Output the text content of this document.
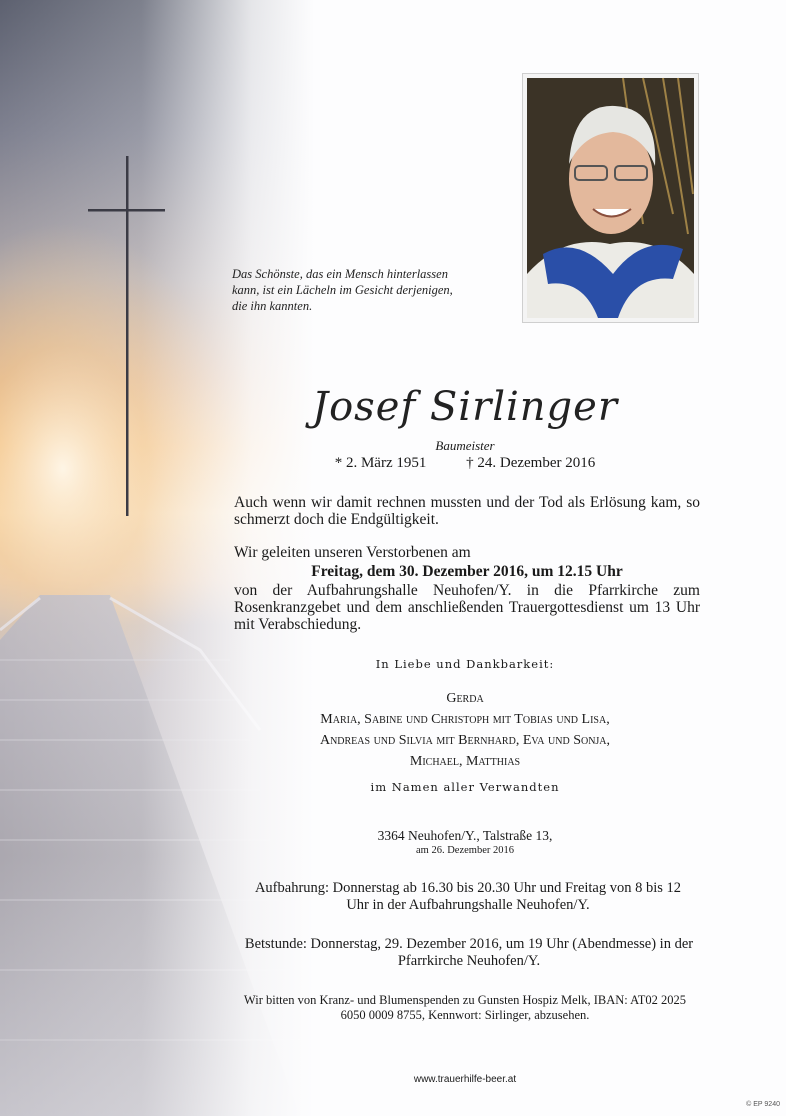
Das Schönste, das ein Mensch hinterlassen kann, ist ein Lächeln im Gesicht derjenigen, die ihn kannten.
Josef Sirlinger
Baumeister
* 2. März 1951	† 24. Dezember 2016
Auch wenn wir damit rechnen mussten und der Tod als Erlösung kam, so schmerzt doch die Endgültigkeit.
Wir geleiten unseren Verstorbenen am
Freitag, dem 30. Dezember 2016, um 12.15 Uhr
von der Aufbahrungshalle Neuhofen/Y. in die Pfarrkirche zum Rosenkranzgebet und dem anschließenden Trauergottesdienst um 13 Uhr mit Verabschiedung.
In Liebe und Dankbarkeit:
Gerda
Maria, Sabine und Christoph mit Tobias und Lisa,
Andreas und Silvia mit Bernhard, Eva und Sonja,
Michael, Matthias
im Namen aller Verwandten
3364 Neuhofen/Y., Talstraße 13,
am 26. Dezember 2016
Aufbahrung: Donnerstag ab 16.30 bis 20.30 Uhr und Freitag von 8 bis 12 Uhr in der Aufbahrungshalle Neuhofen/Y.
Betstunde: Donnerstag, 29. Dezember 2016, um 19 Uhr (Abendmesse) in der Pfarrkirche Neuhofen/Y.
Wir bitten von Kranz- und Blumenspenden zu Gunsten Hospiz Melk, IBAN: AT02 2025 6050 0009 8755, Kennwort: Sirlinger, abzusehen.
www.trauerhilfe-beer.at
© EP 9240
